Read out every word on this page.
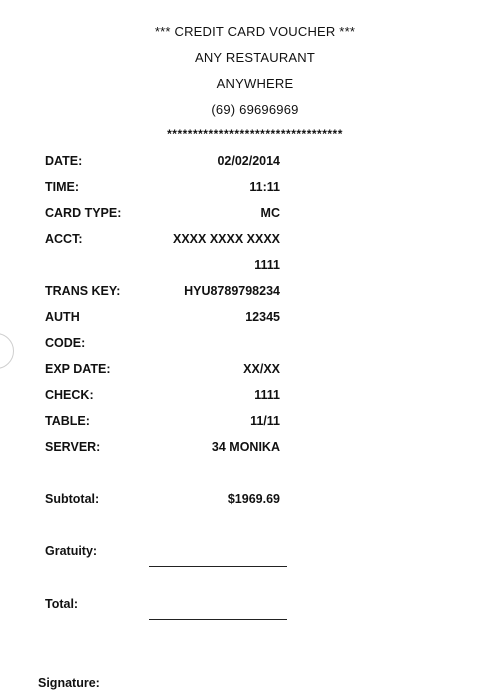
*** CREDIT CARD VOUCHER ***
ANY RESTAURANT
ANYWHERE
(69) 69696969
**********************************
DATE:	02/02/2014
TIME:	11:11
CARD TYPE:	MC
ACCT:	XXXX XXXX XXXX
1111
TRANS KEY:	HYU8789798234
AUTH	12345
CODE:
EXP DATE:	XX/XX
CHECK:	1111
TABLE:	11/11
SERVER:	34 MONIKA
Subtotal:	$1969.69
Gratuity:
Total:
Signature:
